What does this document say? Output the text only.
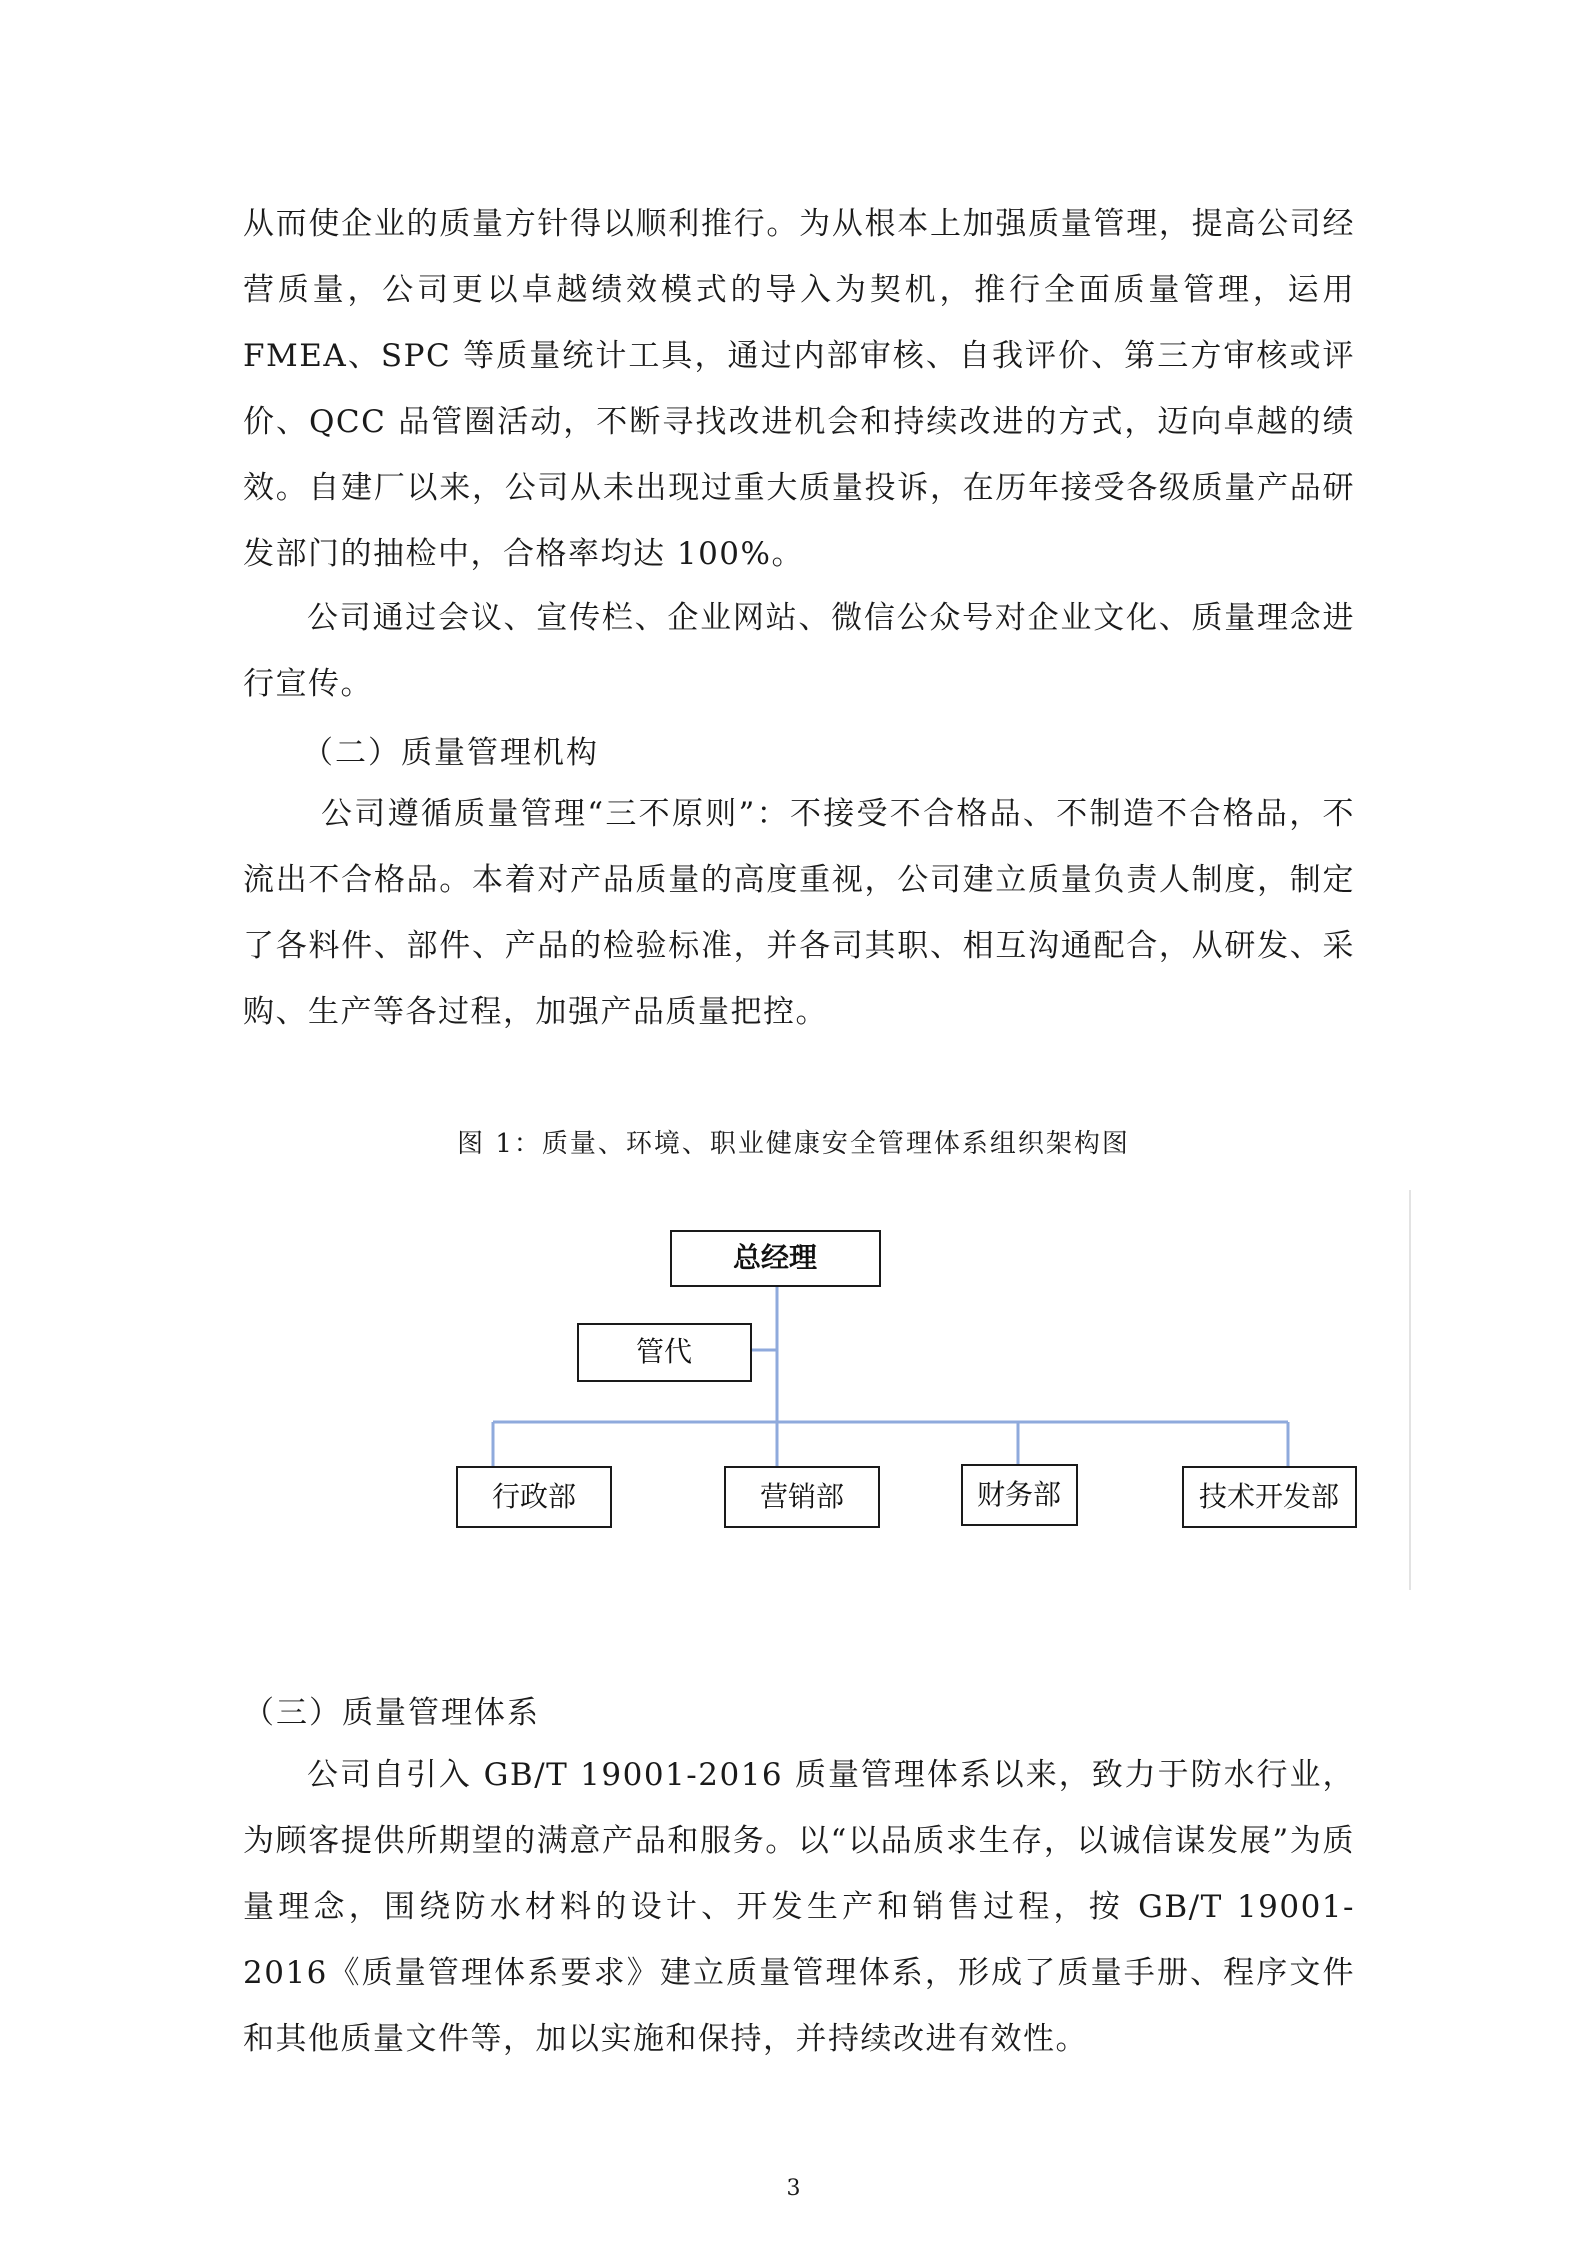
从而使企业的质量方针得以顺利推行。为从根本上加强质量管理，提高公司经营质量，公司更以卓越绩效模式的导入为契机，推行全面质量管理，运用 FMEA、SPC 等质量统计工具，通过内部审核、自我评价、第三方审核或评价、QCC 品管圈活动，不断寻找改进机会和持续改进的方式，迈向卓越的绩效。自建厂以来，公司从未出现过重大质量投诉，在历年接受各级质量产品研发部门的抽检中，合格率均达 100%。

公司通过会议、宣传栏、企业网站、微信公众号对企业文化、质量理念进行宣传。

（二）质量管理机构

公司遵循质量管理“三不原则”：不接受不合格品、不制造不合格品，不流出不合格品。本着对产品质量的高度重视，公司建立质量负责人制度，制定了各料件、部件、产品的检验标准，并各司其职、相互沟通配合，从研发、采购、生产等各过程，加强产品质量把控。

图 1：质量、环境、职业健康安全管理体系组织架构图

总经理
管代
行政部	营销部	财务部	技术开发部

（三）质量管理体系

公司自引入 GB/T 19001-2016 质量管理体系以来，致力于防水行业，为顾客提供所期望的满意产品和服务。以“以品质求生存，以诚信谋发展”为质量理念，围绕防水材料的设计、开发生产和销售过程，按 GB/T 19001-2016《质量管理体系要求》建立质量管理体系，形成了质量手册、程序文件和其他质量文件等，加以实施和保持，并持续改进有效性。

3
